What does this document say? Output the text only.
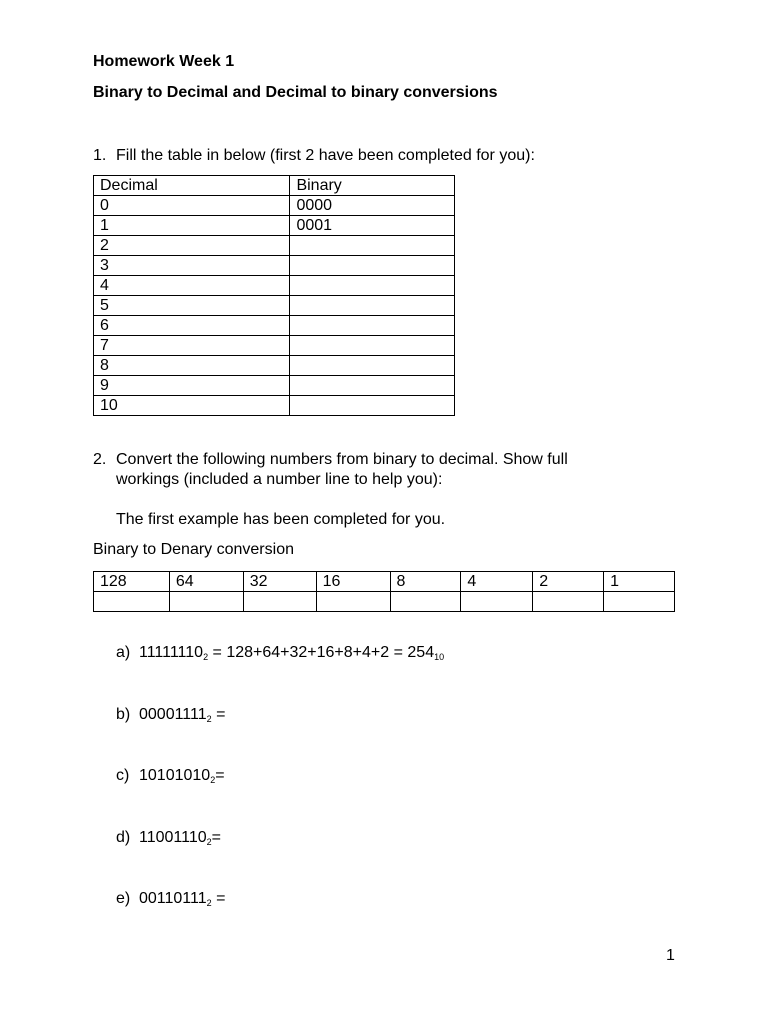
Homework Week 1
Binary to Decimal and Decimal to binary conversions
1. Fill the table in below (first 2 have been completed for you):
Decimal	Binary
0	0000
1	0001
2	
3	
4	
5	
6	
7	
8	
9	
10	
2. Convert the following numbers from binary to decimal. Show full
workings (included a number line to help you):
The first example has been completed for you.
Binary to Denary conversion
128	64	32	16	8	4	2	1

a) $11111110_2 = 128+64+32+16+8+4+2 = 254_{10}$
b) $00001111_2$ =
c) $10101010_2=$
d) $11001110_2=$
e) $00110111_2$ =
1
